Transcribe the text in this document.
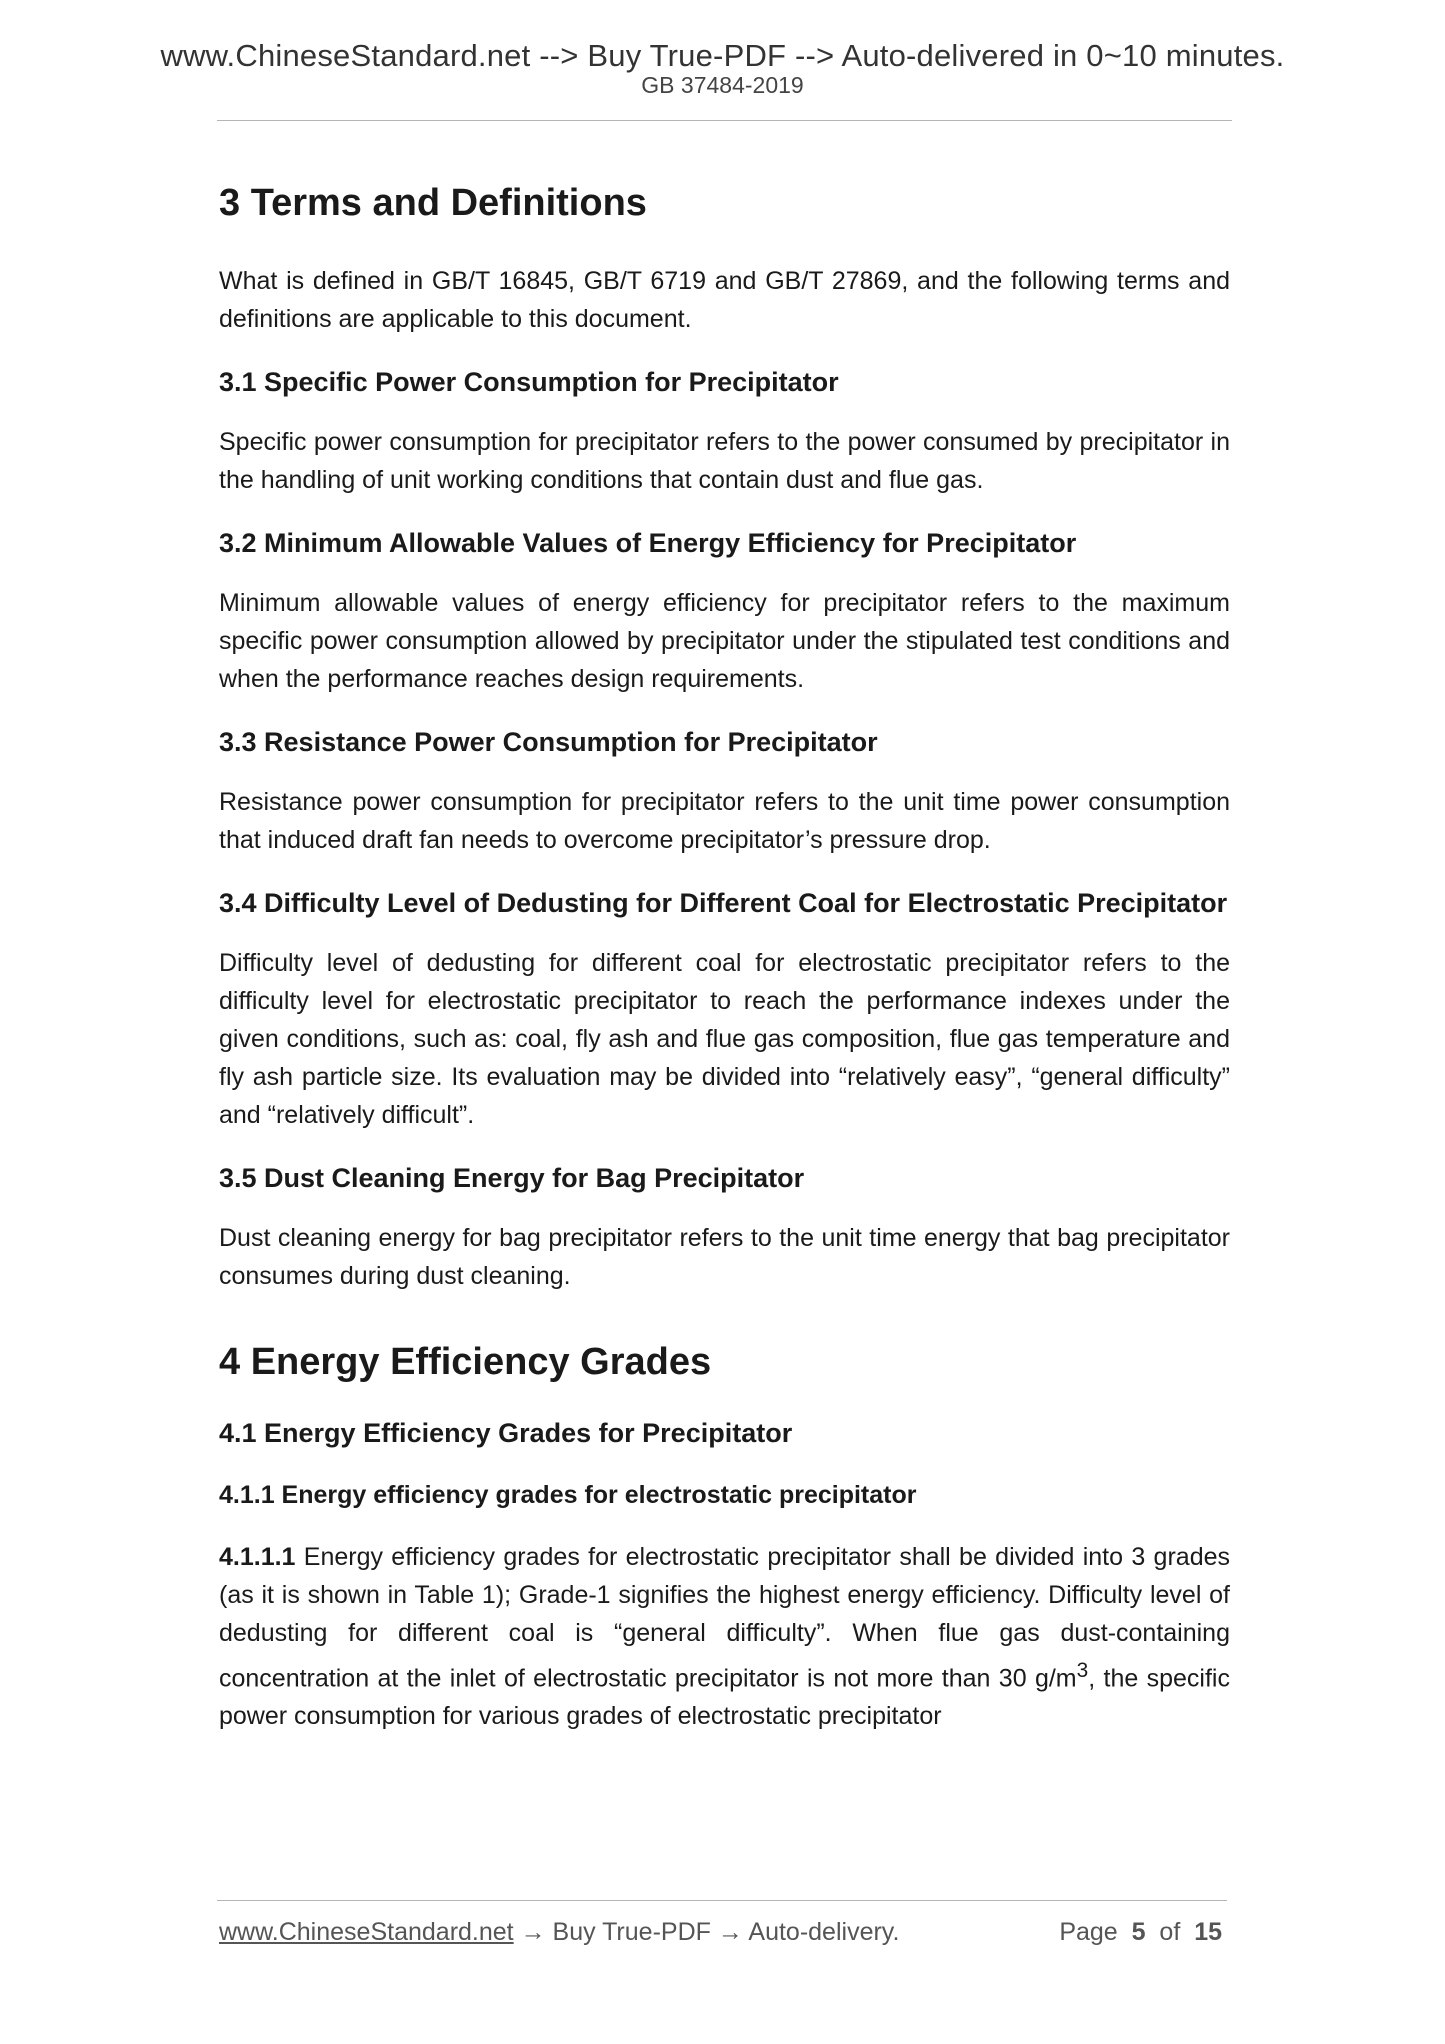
www.ChineseStandard.net --> Buy True-PDF --> Auto-delivered in 0~10 minutes.
GB 37484-2019
3 Terms and Definitions

What is defined in GB/T 16845, GB/T 6719 and GB/T 27869, and the following terms and definitions are applicable to this document.

3.1 Specific Power Consumption for Precipitator

Specific power consumption for precipitator refers to the power consumed by precipitator in the handling of unit working conditions that contain dust and flue gas.

3.2 Minimum Allowable Values of Energy Efficiency for Precipitator

Minimum allowable values of energy efficiency for precipitator refers to the maximum specific power consumption allowed by precipitator under the stipulated test conditions and when the performance reaches design requirements.

3.3 Resistance Power Consumption for Precipitator

Resistance power consumption for precipitator refers to the unit time power consumption that induced draft fan needs to overcome precipitator’s pressure drop.

3.4 Difficulty Level of Dedusting for Different Coal for Electrostatic Precipitator

Difficulty level of dedusting for different coal for electrostatic precipitator refers to the difficulty level for electrostatic precipitator to reach the performance indexes under the given conditions, such as: coal, fly ash and flue gas composition, flue gas temperature and fly ash particle size. Its evaluation may be divided into “relatively easy”, “general difficulty” and “relatively difficult”.

3.5 Dust Cleaning Energy for Bag Precipitator

Dust cleaning energy for bag precipitator refers to the unit time energy that bag precipitator consumes during dust cleaning.

4 Energy Efficiency Grades
4.1 Energy Efficiency Grades for Precipitator
4.1.1 Energy efficiency grades for electrostatic precipitator

4.1.1.1 Energy efficiency grades for electrostatic precipitator shall be divided into 3 grades (as it is shown in Table 1); Grade-1 signifies the highest energy efficiency. Difficulty level of dedusting for different coal is “general difficulty”. When flue gas dust-containing concentration at the inlet of electrostatic precipitator is not more than 30 $g/m^3$, the specific power consumption for various grades of electrostatic precipitator

www.ChineseStandard.net → Buy True-PDF → Auto-delivery.	Page 5 of 15
